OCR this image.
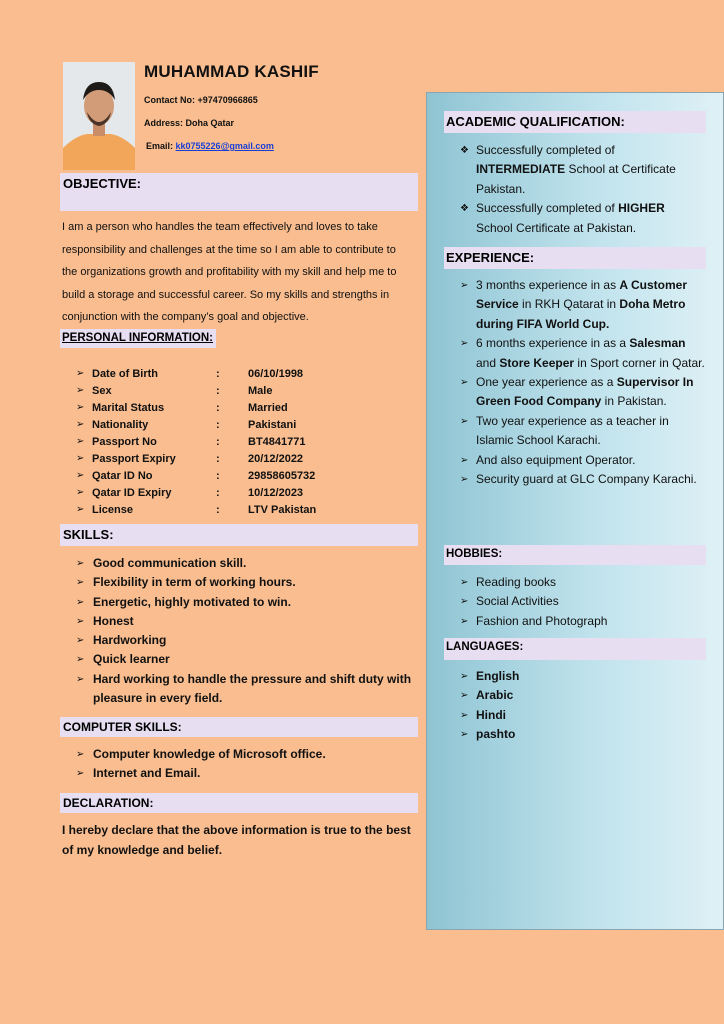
MUHAMMAD KASHIF
Contact No: +97470966865
Address: Doha Qatar
Email: kk0755226@gmail.com
OBJECTIVE:
I am a person who handles the team effectively and loves to take
responsibility and challenges at the time so I am able to contribute to
the organizations growth and profitability with my skill and help me to
build a storage and successful career. So my skills and strengths in
conjunction with the company’s goal and objective.
PERSONAL INFORMATION:
➢ Date of Birth	:	06/10/1998
➢ Sex	:	Male
➢ Marital Status	:	Married
➢ Nationality	:	Pakistani
➢ Passport No	:	BT4841771
➢ Passport Expiry	:	20/12/2022
➢ Qatar ID No	:	29858605732
➢ Qatar ID Expiry	:	10/12/2023
➢ License	:	LTV Pakistan
SKILLS:
➢ Good communication skill.
➢ Flexibility in term of working hours.
➢ Energetic, highly motivated to win.
➢ Honest
➢ Hardworking
➢ Quick learner
➢ Hard working to handle the pressure and shift duty with pleasure in every field.
COMPUTER SKILLS:
➢ Computer knowledge of Microsoft office.
➢ Internet and Email.
DECLARATION:
I hereby declare that the above information is true to the best of my knowledge and belief.
ACADEMIC QUALIFICATION:
❖ Successfully completed of INTERMEDIATE School at Certificate Pakistan.
❖ Successfully completed of HIGHER School Certificate at Pakistan.
EXPERIENCE:
➢ 3 months experience in as A Customer Service in RKH Qatarat in Doha Metro during FIFA World Cup.
➢ 6 months experience in as a Salesman and Store Keeper in Sport corner in Qatar.
➢ One year experience as a Supervisor In Green Food Company in Pakistan.
➢ Two year experience as a teacher in Islamic School Karachi.
➢ And also equipment Operator.
➢ Security guard at GLC Company Karachi.
HOBBIES:
➢ Reading books
➢ Social Activities
➢ Fashion and Photograph
LANGUAGES:
➢ English
➢ Arabic
➢ Hindi
➢ pashto
